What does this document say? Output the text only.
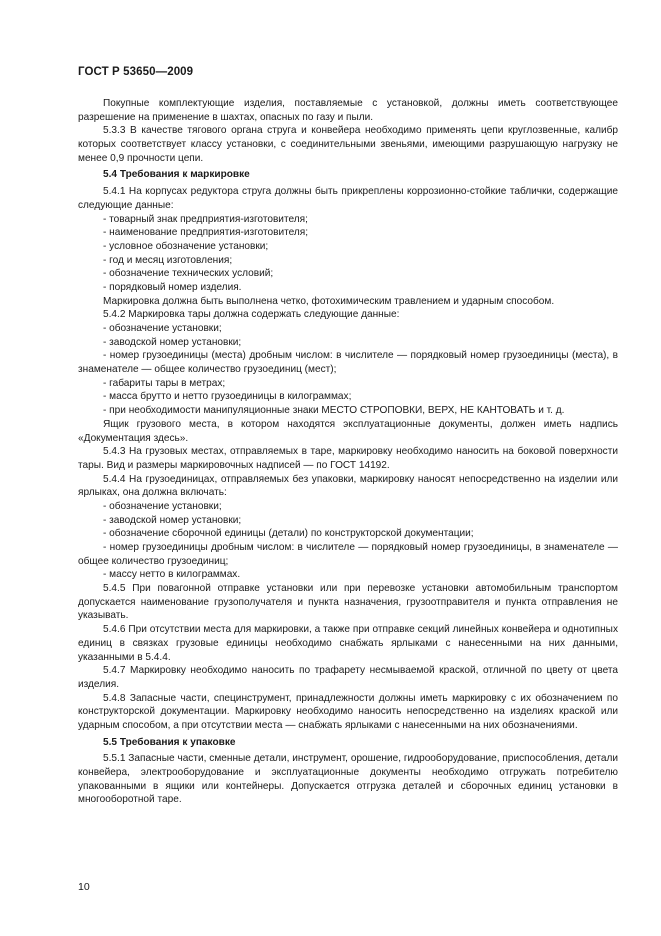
ГОСТ Р 53650—2009

Покупные комплектующие изделия, поставляемые с установкой, должны иметь соответствующее разрешение на применение в шахтах, опасных по газу и пыли.

5.3.3 В качестве тягового органа струга и конвейера необходимо применять цепи круглозвенные, калибр которых соответствует классу установки, с соединительными звеньями, имеющими разрушающую нагрузку не менее 0,9 прочности цепи.

5.4 Требования к маркировке

5.4.1 На корпусах редуктора струга должны быть прикреплены коррозионно-стойкие таблички, содержащие следующие данные:

- товарный знак предприятия-изготовителя;

- наименование предприятия-изготовителя;

- условное обозначение установки;

- год и месяц изготовления;

- обозначение технических условий;

- порядковый номер изделия.

Маркировка должна быть выполнена четко, фотохимическим травлением и ударным способом.

5.4.2 Маркировка тары должна содержать следующие данные:

- обозначение установки;

- заводской номер установки;

- номер грузоединицы (места) дробным числом: в числителе — порядковый номер грузоединицы (места), в знаменателе — общее количество грузоединиц (мест);

- габариты тары в метрах;

- масса брутто и нетто грузоединицы в килограммах;

- при необходимости манипуляционные знаки МЕСТО СТРОПОВКИ, ВЕРХ, НЕ КАНТОВАТЬ и т. д.

Ящик грузового места, в котором находятся эксплуатационные документы, должен иметь надпись «Документация здесь».

5.4.3 На грузовых местах, отправляемых в таре, маркировку необходимо наносить на боковой поверхности тары. Вид и размеры маркировочных надписей — по ГОСТ 14192.

5.4.4 На грузоединицах, отправляемых без упаковки, маркировку наносят непосредственно на изделии или ярлыках, она должна включать:

- обозначение установки;

- заводской номер установки;

- обозначение сборочной единицы (детали) по конструкторской документации;

- номер грузоединицы дробным числом: в числителе — порядковый номер грузоединицы, в знаменателе — общее количество грузоединиц;

- массу нетто в килограммах.

5.4.5 При повагонной отправке установки или при перевозке установки автомобильным транспортом допускается наименование грузополучателя и пункта назначения, грузоотправителя и пункта отправления не указывать.

5.4.6 При отсутствии места для маркировки, а также при отправке секций линейных конвейера и однотипных единиц в связках грузовые единицы необходимо снабжать ярлыками с нанесенными на них данными, указанными в 5.4.4.

5.4.7 Маркировку необходимо наносить по трафарету несмываемой краской, отличной по цвету от цвета изделия.

5.4.8 Запасные части, специнструмент, принадлежности должны иметь маркировку с их обозначением по конструкторской документации. Маркировку необходимо наносить непосредственно на изделиях краской или ударным способом, а при отсутствии места — снабжать ярлыками с нанесенными на них обозначениями.

5.5 Требования к упаковке

5.5.1 Запасные части, сменные детали, инструмент, орошение, гидрооборудование, приспособления, детали конвейера, электрооборудование и эксплуатационные документы необходимо отгружать потребителю упакованными в ящики или контейнеры. Допускается отгрузка деталей и сборочных единиц установки в многооборотной таре.

10
